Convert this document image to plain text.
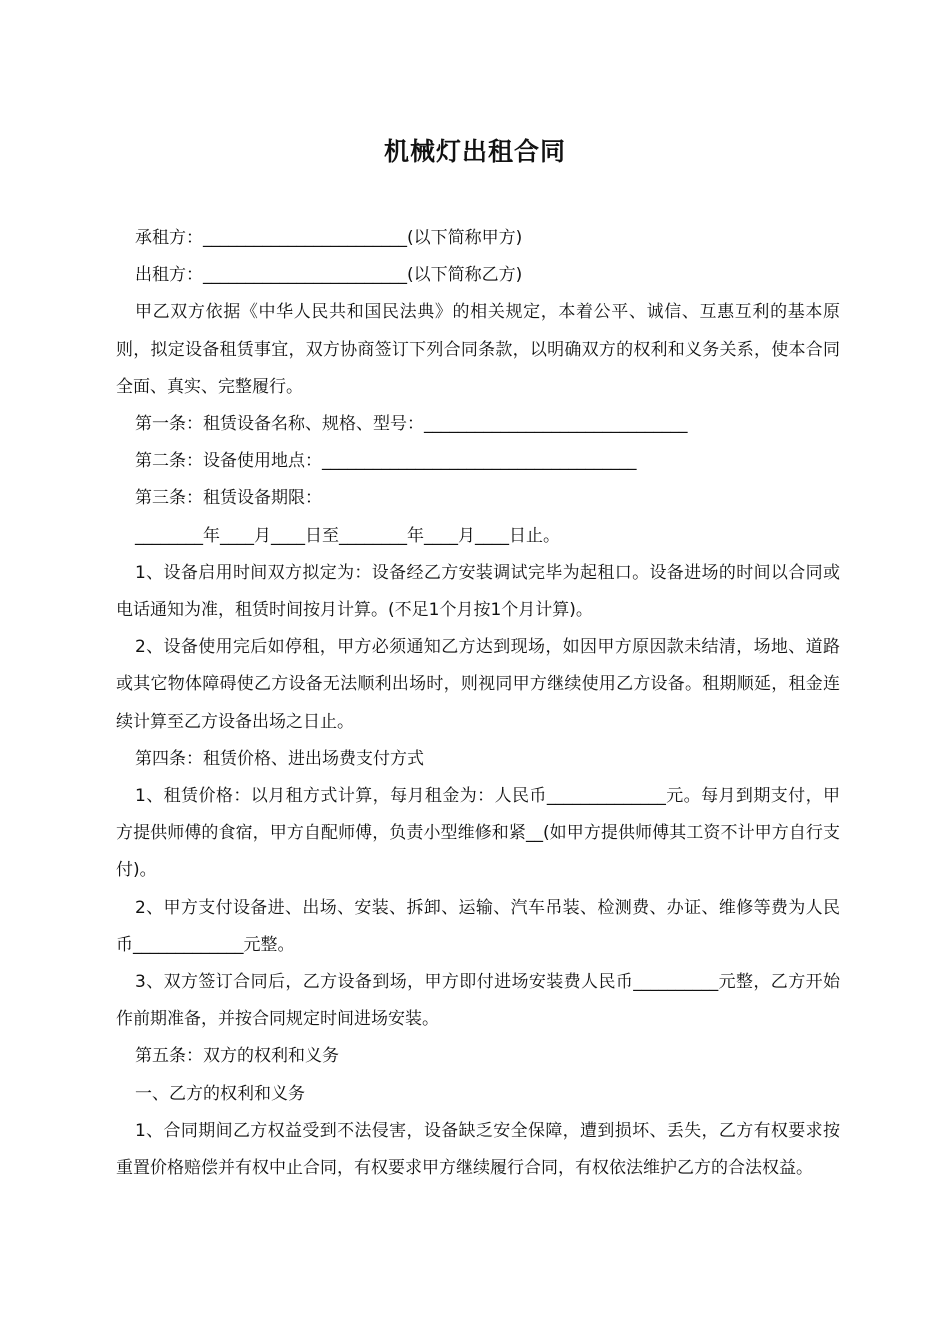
机械灯出租合同

承租方：________________________(以下简称甲方)

出租方：________________________(以下简称乙方)

甲乙双方依据《中华人民共和国民法典》的相关规定，本着公平、诚信、互惠互利的基本原则，拟定设备租赁事宜，双方协商签订下列合同条款，以明确双方的权利和义务关系，使本合同全面、真实、完整履行。

第一条：租赁设备名称、规格、型号：_______________________________

第二条：设备使用地点：_____________________________________

第三条：租赁设备期限：

________年____月____日至________年____月____日止。

1、设备启用时间双方拟定为：设备经乙方安装调试完毕为起租口。设备进场的时间以合同或电话通知为准，租赁时间按月计算。(不足1个月按1个月计算)。

2、设备使用完后如停租，甲方必须通知乙方达到现场，如因甲方原因款未结清，场地、道路或其它物体障碍使乙方设备无法顺利出场时，则视同甲方继续使用乙方设备。租期顺延，租金连续计算至乙方设备出场之日止。

第四条：租赁价格、进出场费支付方式

1、租赁价格：以月租方式计算，每月租金为：人民币______________元。每月到期支付，甲方提供师傅的食宿，甲方自配师傅，负责小型维修和紧__(如甲方提供师傅其工资不计甲方自行支付)。

2、甲方支付设备进、出场、安装、拆卸、运输、汽车吊装、检测费、办证、维修等费为人民币_____________元整。

3、双方签订合同后，乙方设备到场，甲方即付进场安装费人民币__________元整，乙方开始作前期准备，并按合同规定时间进场安装。

第五条：双方的权利和义务

一、乙方的权利和义务

1、合同期间乙方权益受到不法侵害，设备缺乏安全保障，遭到损坏、丢失，乙方有权要求按重置价格赔偿并有权中止合同，有权要求甲方继续履行合同，有权依法维护乙方的合法权益。
